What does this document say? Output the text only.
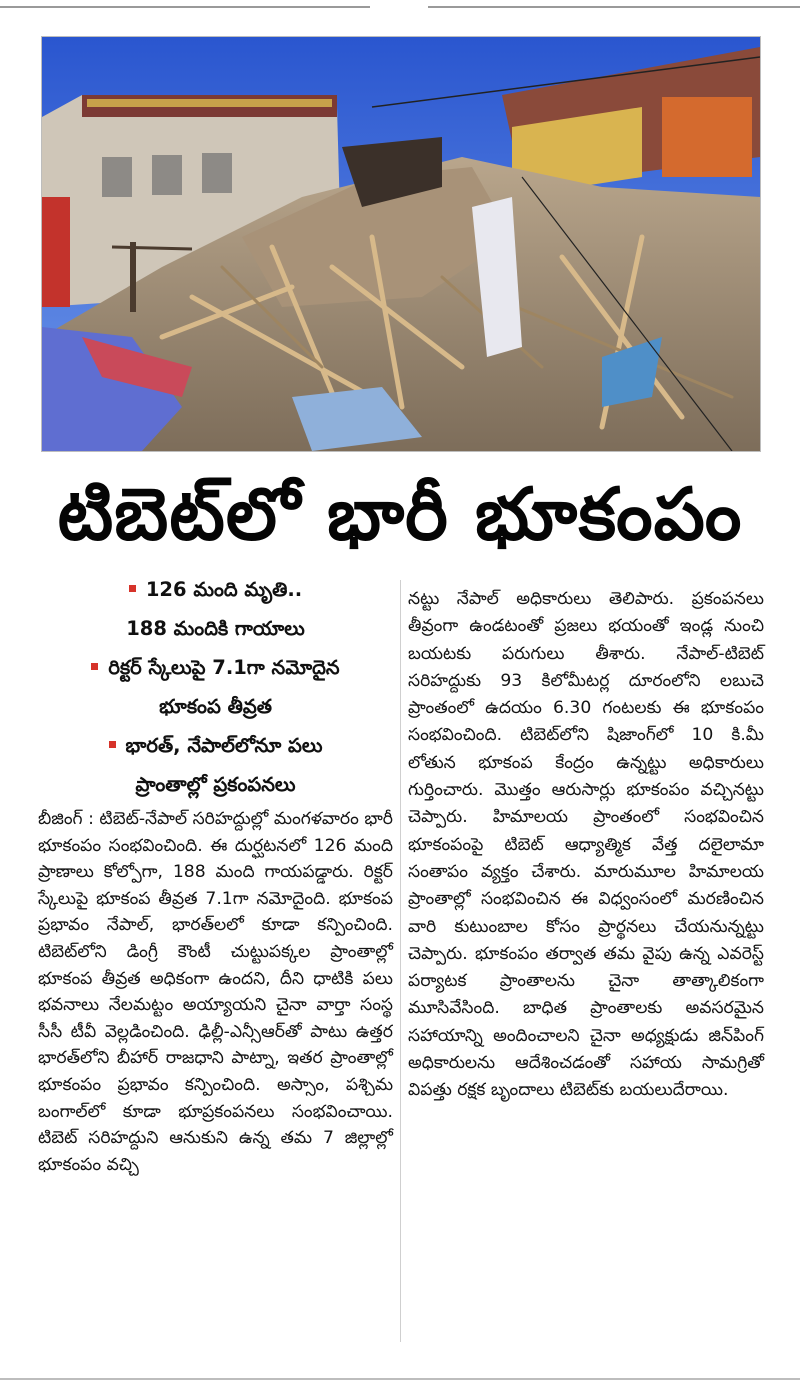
టిబెట్‌లో భారీ భూకంపం
126 మంది మృతి..
188 మందికి గాయాలు
రిక్టర్ స్కేలుపై 7.1గా నమోదైన
భూకంప తీవ్రత
భారత్, నేపాల్‌లోనూ పలు
ప్రాంతాల్లో ప్రకంపనలు

బీజింగ్ : టిబెట్-నేపాల్ సరిహద్దుల్లో మంగళవారం భారీ భూకంపం సంభవించింది. ఈ దుర్ఘటనలో 126 మంది ప్రాణాలు కోల్పోగా, 188 మంది గాయపడ్డారు. రిక్టర్ స్కేలుపై భూకంప తీవ్రత 7.1గా నమోదైంది. భూకంప ప్రభావం నేపాల్, భారత్‌లలో కూడా కన్పించింది. టిబెట్‌లోని డింగ్రీ కౌంటీ చుట్టుపక్కల ప్రాంతాల్లో భూకంప తీవ్రత అధికంగా ఉందని, దీని ధాటికి పలు భవనాలు నేలమట్టం అయ్యాయని చైనా వార్తా సంస్థ సీసీ టీవీ వెల్లడించింది. ఢిల్లీ-ఎన్సీఆర్‌తో పాటు ఉత్తర భారత్‌లోని బీహార్ రాజధాని పాట్నా, ఇతర ప్రాంతాల్లో భూకంపం ప్రభావం కన్పించింది. అస్సాం, పశ్చిమ బంగాల్‌లో కూడా భూప్రకంపనలు సంభవించాయి. టిబెట్ సరిహద్దుని ఆనుకుని ఉన్న తమ 7 జిల్లాల్లో భూకంపం వచ్చి

నట్టు నేపాల్ అధికారులు తెలిపారు. ప్రకంపనలు తీవ్రంగా ఉండటంతో ప్రజలు భయంతో ఇండ్ల నుంచి బయటకు పరుగులు తీశారు. నేపాల్-టిబెట్ సరిహద్దుకు 93 కిలోమీటర్ల దూరంలోని లబుచె ప్రాంతంలో ఉదయం 6.30 గంటలకు ఈ భూకంపం సంభవించింది. టిబెట్‌లోని షిజాంగ్‌లో 10 కి.మీ లోతున భూకంప కేంద్రం ఉన్నట్టు అధికారులు గుర్తించారు. మొత్తం ఆరుసార్లు భూకంపం వచ్చినట్టు చెప్పారు. హిమాలయ ప్రాంతంలో సంభవించిన భూకంపంపై టిబెట్ ఆధ్యాత్మిక వేత్త దలైలామా సంతాపం వ్యక్తం చేశారు. మారుమూల హిమాలయ ప్రాంతాల్లో సంభవించిన ఈ విధ్వంసంలో మరణించిన వారి కుటుంబాల కోసం ప్రార్థనలు చేయనున్నట్టు చెప్పారు. భూకంపం తర్వాత తమ వైపు ఉన్న ఎవరెస్ట్ పర్యాటక ప్రాంతాలను చైనా తాత్కాలికంగా మూసివేసింది. బాధిత ప్రాంతాలకు అవసరమైన సహాయాన్ని అందించాలని చైనా అధ్యక్షుడు జిన్‌పింగ్ అధికారులను ఆదేశించడంతో సహాయ సామగ్రితో విపత్తు రక్షక బృందాలు టిబెట్‌కు బయలుదేరాయి.
